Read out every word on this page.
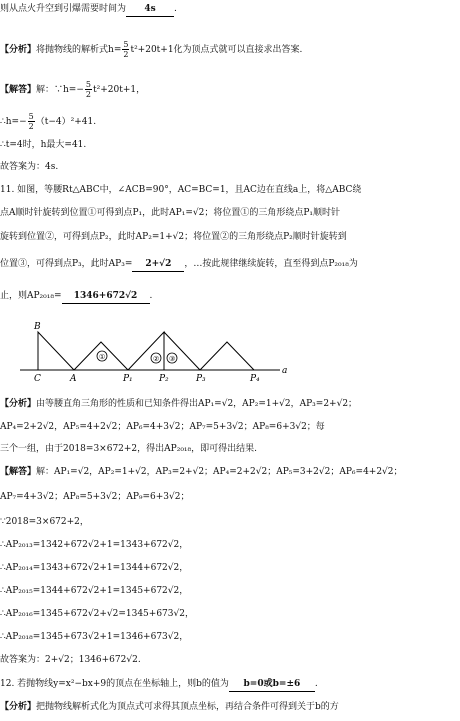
则从点火升空到引爆需要时间为 4s .
【分析】将抛物线的解析式$h= \frac{5}{2} t^2+20t+1$化为顶点式就可以直接求出答案.
【解答】解：∵h=− $\frac{5}{2} t^2+20t+1$，
∴h=− $\frac{5}{2} (t-4)^2+41$.
∴t=4时，h最大=41.
故答案为：4s.
11. 如图，等腰Rt△ABC中，∠ACB=90°，AC=BC=1，且AC边在直线a上，将△ABC绕
点A顺时针旋转到位置①可得到点P₁，此时AP₁=√2；将位置①的三角形绕点P₁顺时针
旋转到位置②，可得到点P₂，此时AP₂=1+√2；将位置②的三角形绕点P₂顺时针旋转到
位置③，可得到点P₃，此时AP₃= 2+√2 ，…按此规律继续旋转，直至得到点P₂₀₁₈为
止，则AP₂₀₁₈= 1346+672√2 .
①	② ③
B
C	A	P₁	P₂	P₃	P₄
a
【分析】由等腰直角三角形的性质和已知条件得出AP₁=√2，AP₂=1+√2，AP₃=2+√2；
AP₄=2+2√2，AP₅=4+2√2；AP₆=4+3√2；AP₇=5+3√2；AP₈=6+3√2；每
三个一组，由于2018=3×672+2，得出AP₂₀₁₈，即可得出结果.
【解答】解：AP₁=√2，AP₂=1+√2，AP₃=2+√2；AP₄=2+2√2；AP₅=3+2√2；AP₆=4+2√2；
AP₇=4+3√2；AP₈=5+3√2；AP₉=6+3√2；
∵2018=3×672+2，
∴AP₂₀₁₃=1342+672√2+1=1343+672√2，
∴AP₂₀₁₄=1343+672√2+1=1344+672√2，
∴AP₂₀₁₅=1344+672√2+1=1345+672√2，
∴AP₂₀₁₆=1345+672√2+√2=1345+673√2，
∴AP₂₀₁₈=1345+673√2+1=1346+673√2，
故答案为：2+√2；1346+672√2.
12. 若抛物线y=x²−bx+9的顶点在坐标轴上，则b的值为 b=0或b=±6 .
【分析】把抛物线解析式化为顶点式可求得其顶点坐标，再结合条件可得到关于b的方
